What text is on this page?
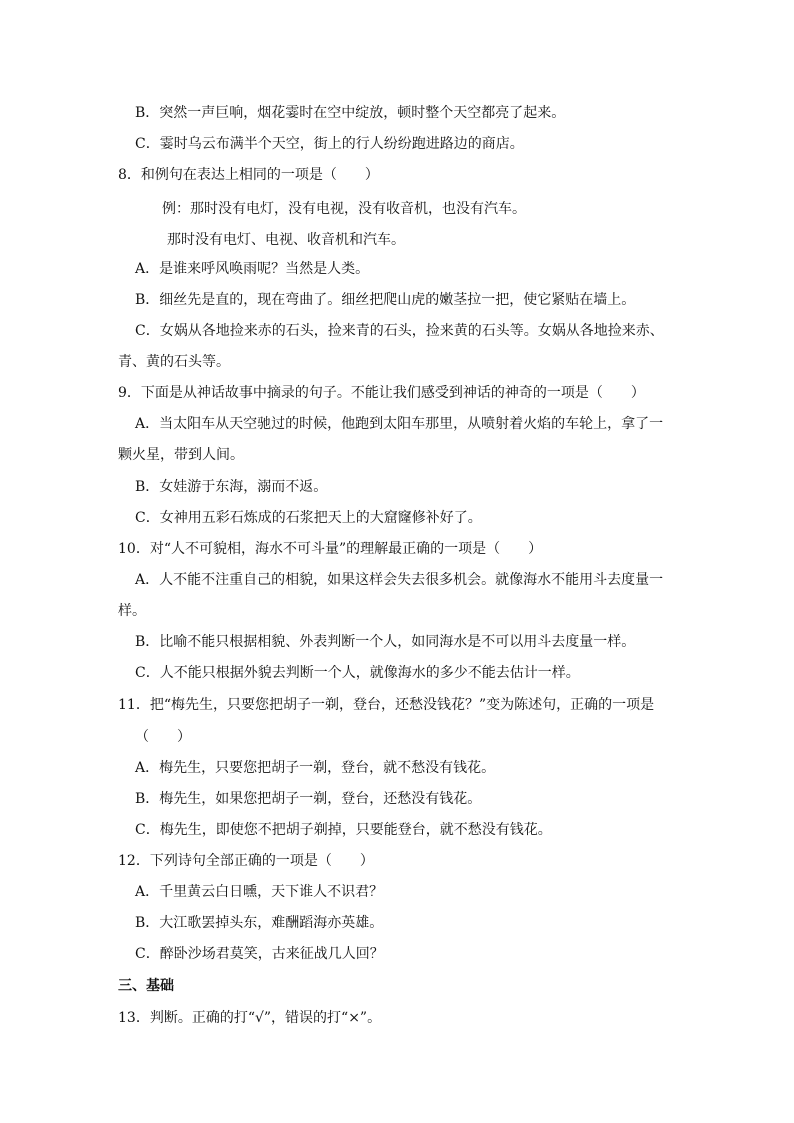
B．突然一声巨响，烟花霎时在空中绽放，顿时整个天空都亮了起来。
C．霎时乌云布满半个天空，街上的行人纷纷跑进路边的商店。
8．和例句在表达上相同的一项是（　　）
例：那时没有电灯，没有电视，没有收音机，也没有汽车。
那时没有电灯、电视、收音机和汽车。
A．是谁来呼风唤雨呢？当然是人类。
B．细丝先是直的，现在弯曲了。细丝把爬山虎的嫩茎拉一把，使它紧贴在墙上。
C．女娲从各地捡来赤的石头，捡来青的石头，捡来黄的石头等。女娲从各地捡来赤、
青、黄的石头等。
9．下面是从神话故事中摘录的句子。不能让我们感受到神话的神奇的一项是（　　）
A．当太阳车从天空驰过的时候，他跑到太阳车那里，从喷射着火焰的车轮上，拿了一
颗火星，带到人间。
B．女娃游于东海，溺而不返。
C．女神用五彩石炼成的石浆把天上的大窟窿修补好了。
10．对“人不可貌相，海水不可斗量”的理解最正确的一项是（　　）
A．人不能不注重自己的相貌，如果这样会失去很多机会。就像海水不能用斗去度量一
样。
B．比喻不能只根据相貌、外表判断一个人，如同海水是不可以用斗去度量一样。
C．人不能只根据外貌去判断一个人，就像海水的多少不能去估计一样。
11．把“梅先生，只要您把胡子一剃，登台，还愁没钱花？”变为陈述句，正确的一项是
（　　）
A．梅先生，只要您把胡子一剃，登台，就不愁没有钱花。
B．梅先生，如果您把胡子一剃，登台，还愁没有钱花。
C．梅先生，即使您不把胡子剃掉，只要能登台，就不愁没有钱花。
12．下列诗句全部正确的一项是（　　）
A．千里黄云白日曛，天下谁人不识君？
B．大江歌罢掉头东，难酬蹈海亦英雄。
C．醉卧沙场君莫笑，古来征战几人回？
三、基础
13．判断。正确的打“√”，错误的打“×”。
